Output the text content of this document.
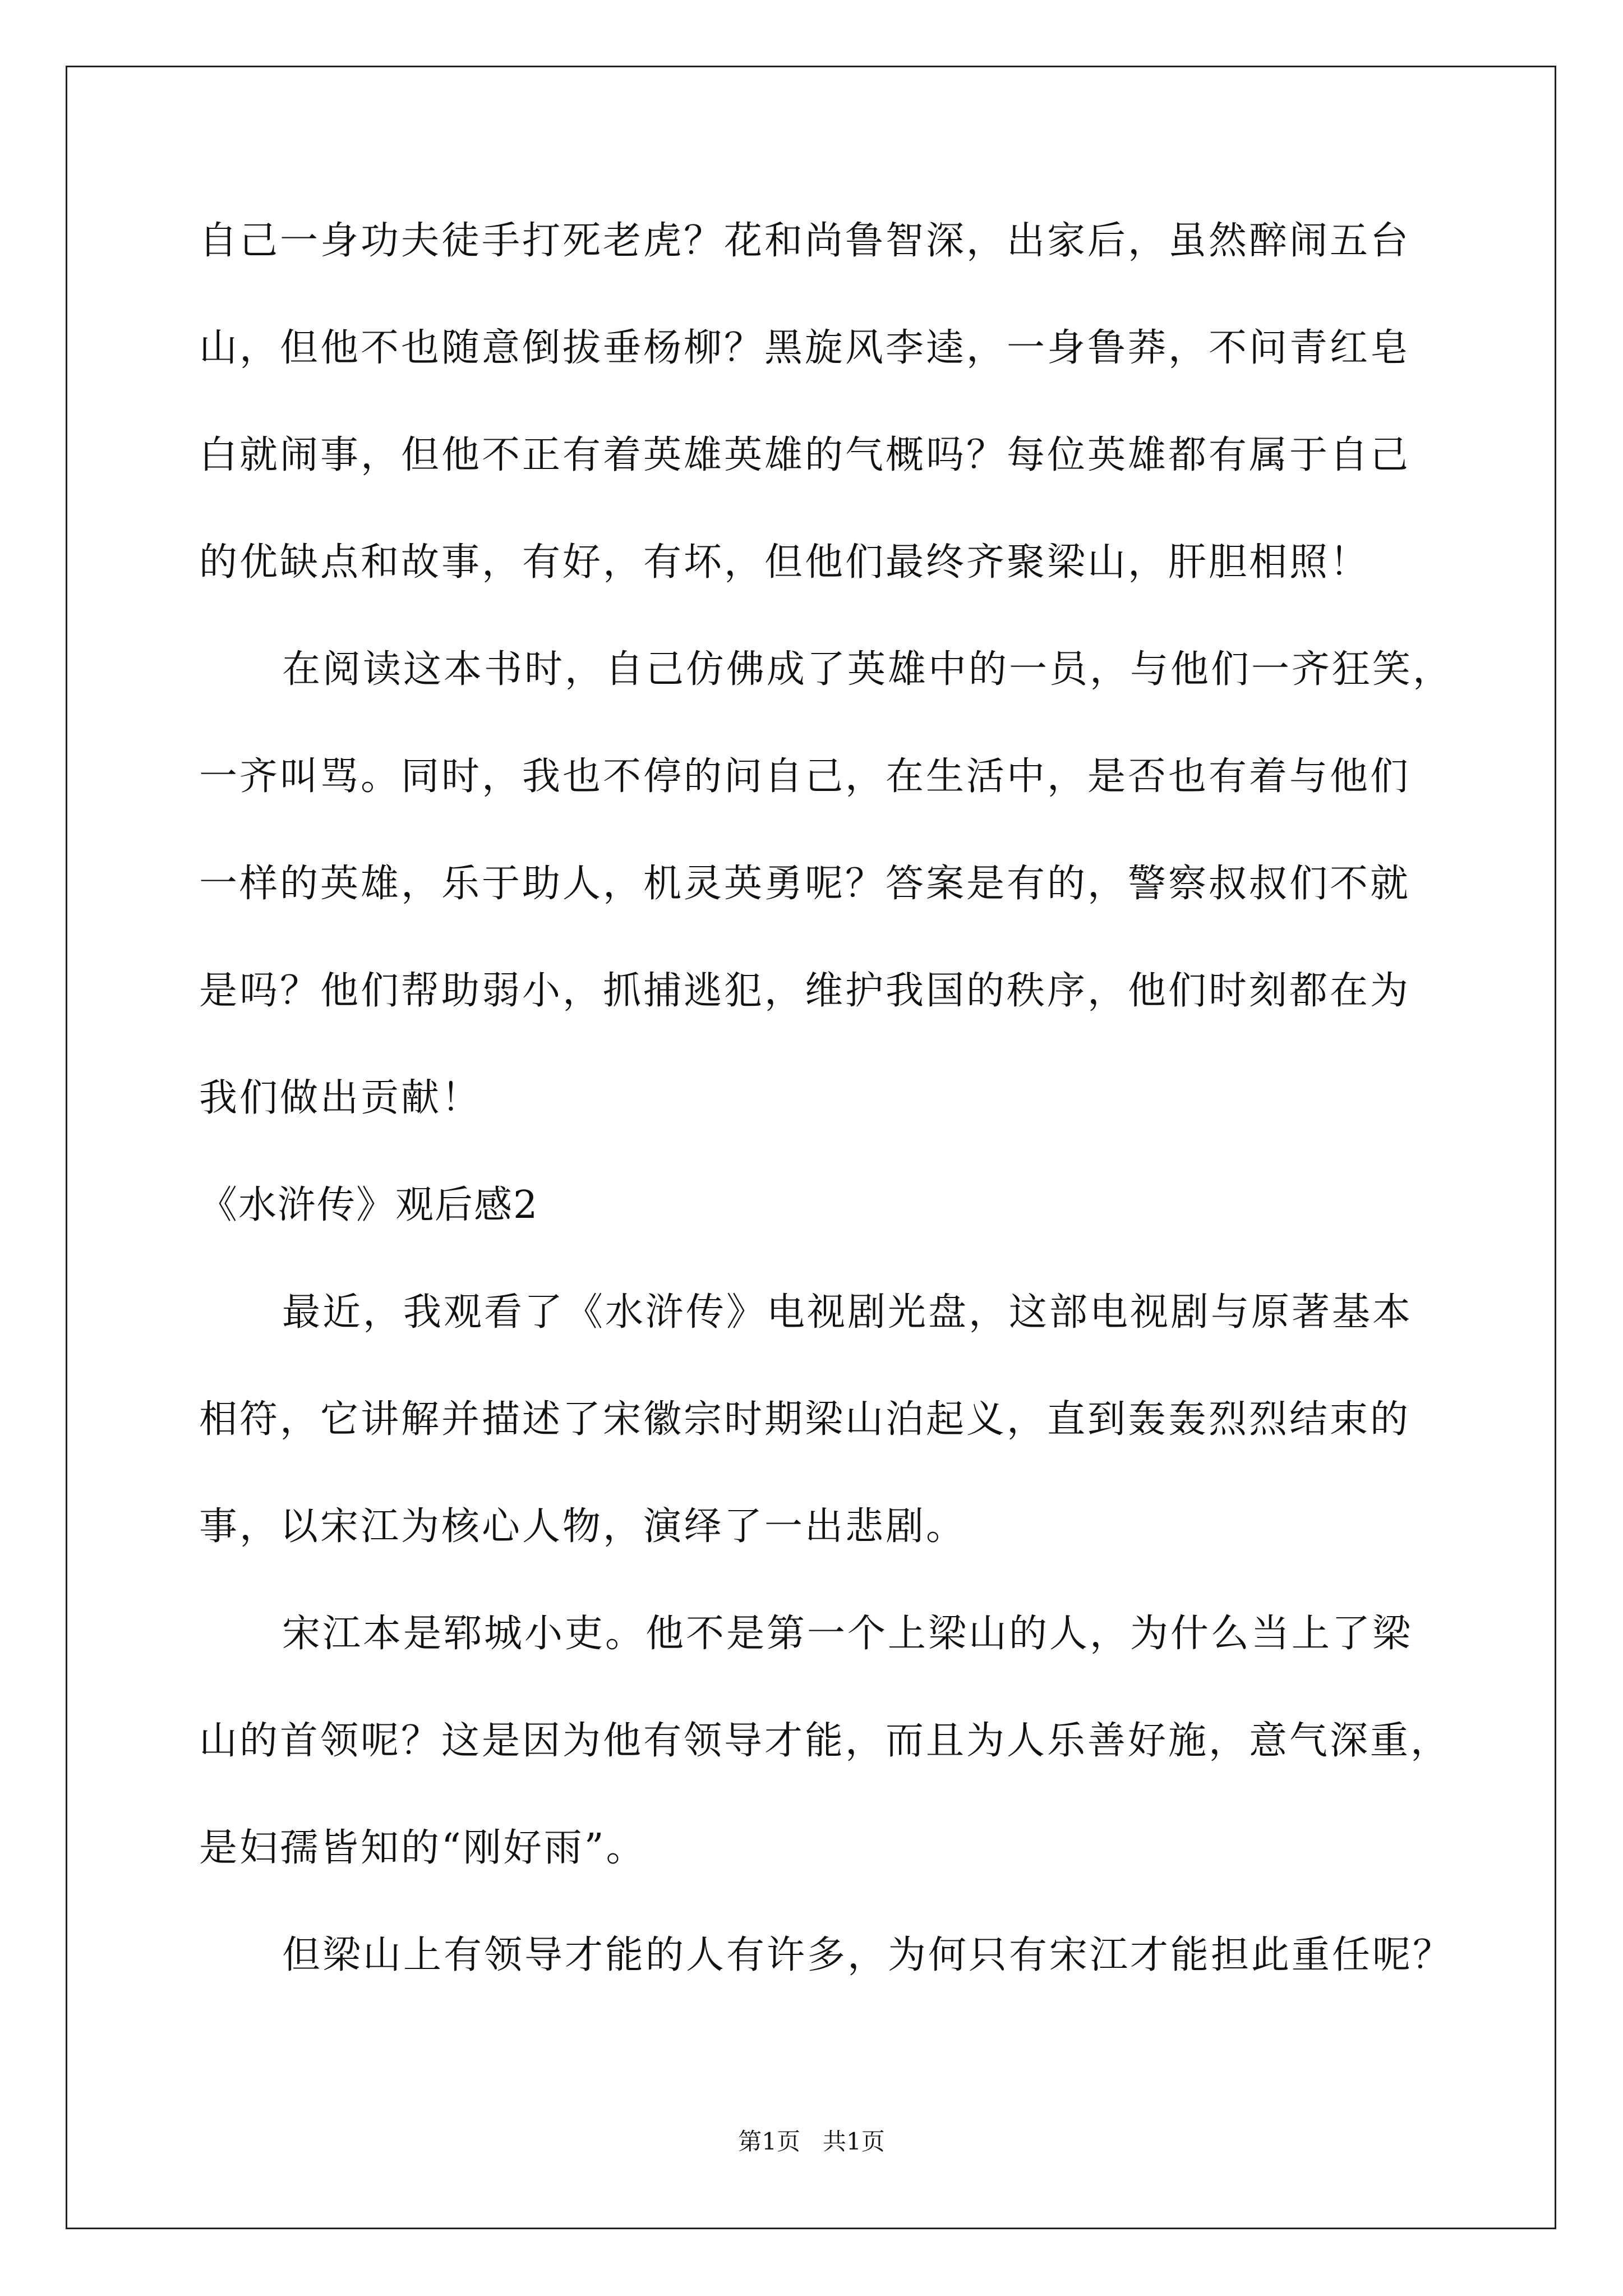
自己一身功夫徒手打死老虎？花和尚鲁智深，出家后，虽然醉闹五台
山，但他不也随意倒拔垂杨柳？黑旋风李逵，一身鲁莽，不问青红皂
白就闹事，但他不正有着英雄英雄的气概吗？每位英雄都有属于自己
的优缺点和故事，有好，有坏，但他们最终齐聚梁山，肝胆相照！
在阅读这本书时，自己仿佛成了英雄中的一员，与他们一齐狂笑，
一齐叫骂。同时，我也不停的问自己，在生活中，是否也有着与他们
一样的英雄，乐于助人，机灵英勇呢？答案是有的，警察叔叔们不就
是吗？他们帮助弱小，抓捕逃犯，维护我国的秩序，他们时刻都在为
我们做出贡献！
《水浒传》观后感2
最近，我观看了《水浒传》电视剧光盘，这部电视剧与原著基本
相符，它讲解并描述了宋徽宗时期梁山泊起义，直到轰轰烈烈结束的
事，以宋江为核心人物，演绎了一出悲剧。
宋江本是郓城小吏。他不是第一个上梁山的人，为什么当上了梁
山的首领呢？这是因为他有领导才能，而且为人乐善好施，意气深重，
是妇孺皆知的“刚好雨”。
但梁山上有领导才能的人有许多，为何只有宋江才能担此重任呢？
第1页   共1页
